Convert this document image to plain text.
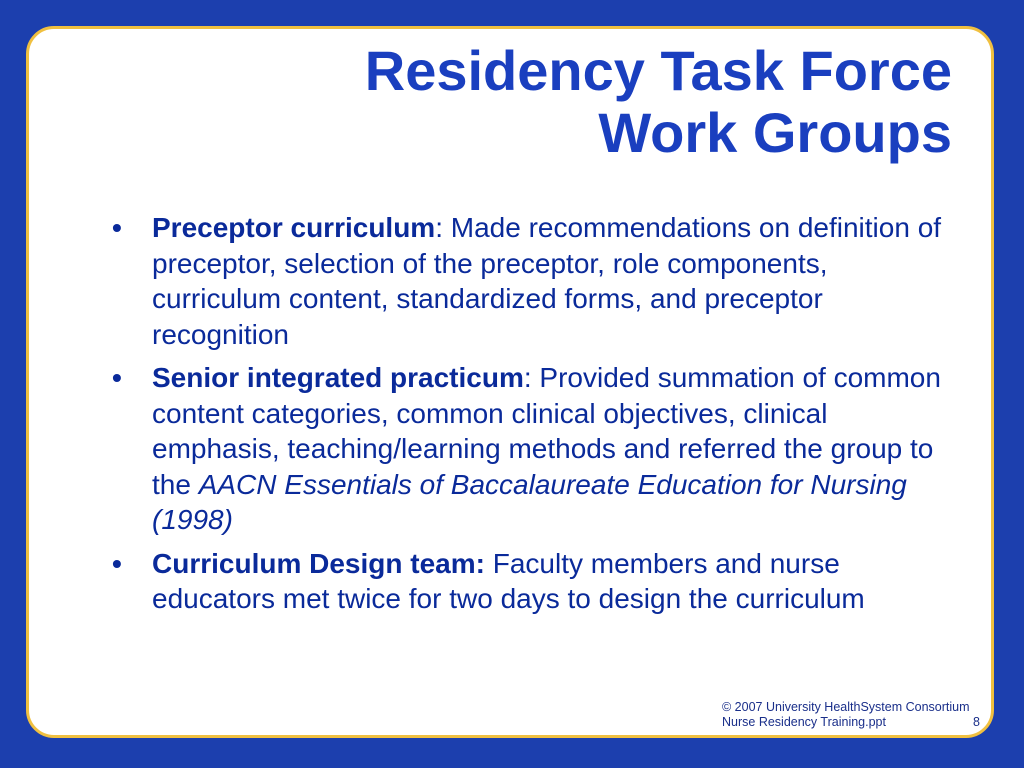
Residency Task Force
Work Groups
• Preceptor curriculum: Made recommendations on definition of preceptor, selection of the preceptor, role components, curriculum content, standardized forms, and preceptor recognition
• Senior integrated practicum: Provided summation of common content categories, common clinical objectives, clinical emphasis, teaching/learning methods and referred the group to the AACN Essentials of Baccalaureate Education for Nursing (1998)
• Curriculum Design team: Faculty members and nurse educators met twice for two days to design the curriculum
© 2007 University HealthSystem Consortium
Nurse Residency Training.ppt	8
